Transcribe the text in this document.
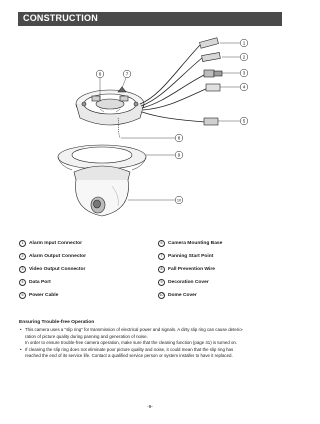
CONSTRUCTION
1
2
3
4
5
6	7
8
9
10
1	Alarm Input Connector
2	Alarm Output Connector
3	Video Output Connector
4	Data Port
5	Power Cable
6	Camera Mounting Base
7	Panning Start Point
8	Fall Prevention Wire
9	Decoration Cover
10 Dome Cover
Ensuring Trouble-free Operation
• This camera uses a "slip ring" for transmission of electrical power and signals. A dirty slip ring can cause deterio-
ration of picture quality during panning and generation of noise.
In order to ensure trouble-free camera operation, make sure that the cleaning function (page 41) is turned on.
• If cleaning the slip ring does not eliminate poor picture quality and noise, it could mean that the slip ring has
reached the end of its service life. Contact a qualified service person or system installer to have it replaced.
-9-
